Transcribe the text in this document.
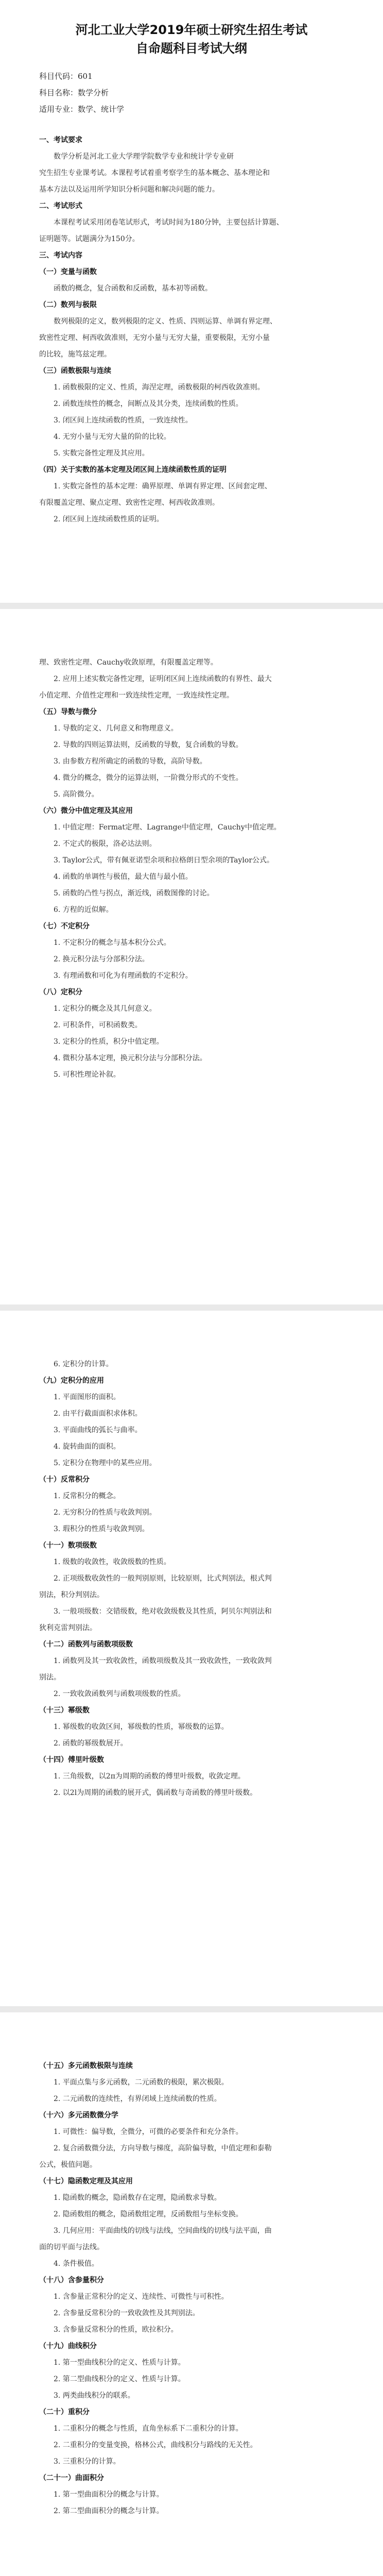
河北工业大学2019年硕士研究生招生考试
自命题科目考试大纲
科目代码：601
科目名称：数学分析
适用专业：数学、统计学
一、考试要求
数学分析是河北工业大学理学院数学专业和统计学专业研
究生招生专业课考试。本课程考试着重考察学生的基本概念、基本理论和
基本方法以及运用所学知识分析问题和解决问题的能力。
二、考试形式
本课程考试采用闭卷笔试形式，考试时间为180分钟，主要包括计算题、
证明题等。试题满分为150分。
三、考试内容
（一）变量与函数
函数的概念，复合函数和反函数，基本初等函数。
（二）数列与极限
数列极限的定义，数列极限的定义、性质、四则运算、单调有界定理、
致密性定理、柯西收敛准则，无穷小量与无穷大量，重要极限，无穷小量
的比较，施笃兹定理。
（三）函数极限与连续
1. 函数极限的定义、性质，海涅定理，函数极限的柯西收敛准则。
2. 函数连续性的概念，间断点及其分类，连续函数的性质。
3. 闭区间上连续函数的性质，一致连续性。
4. 无穷小量与无穷大量的阶的比较。
5. 实数完备性定理及其应用。
（四）关于实数的基本定理及闭区间上连续函数性质的证明
1. 实数完备性的基本定理：确界原理、单调有界定理、区间套定理、
有限覆盖定理、聚点定理、致密性定理、柯西收敛准则。
2. 闭区间上连续函数性质的证明。
理、致密性定理、Cauchy收敛原理，有限覆盖定理等。
2. 应用上述实数完备性定理，证明闭区间上连续函数的有界性、最大
小值定理、介值性定理和一致连续性定理，一致连续性定理。
（五）导数与微分
1. 导数的定义、几何意义和物理意义。
2. 导数的四则运算法则，反函数的导数，复合函数的导数。
3. 由参数方程所确定的函数的导数，高阶导数。
4. 微分的概念，微分的运算法则，一阶微分形式的不变性。
5. 高阶微分。
（六）微分中值定理及其应用
1. 中值定理：Fermat定理、Lagrange中值定理，Cauchy中值定理。
2. 不定式的极限，洛必达法则。
3. Taylor公式，带有佩亚诺型余项和拉格朗日型余项的Taylor公式。
4. 函数的单调性与极值，最大值与最小值。
5. 函数的凸性与拐点，渐近线，函数图像的讨论。
6. 方程的近似解。
（七）不定积分
1. 不定积分的概念与基本积分公式。
2. 换元积分法与分部积分法。
3. 有理函数和可化为有理函数的不定积分。
（八）定积分
1. 定积分的概念及其几何意义。
2. 可积条件，可积函数类。
3. 定积分的性质，积分中值定理。
4. 微积分基本定理，换元积分法与分部积分法。
5. 可积性理论补叙。
6. 定积分的计算。
（九）定积分的应用
1. 平面图形的面积。
2. 由平行截面面积求体积。
3. 平面曲线的弧长与曲率。
4. 旋转曲面的面积。
5. 定积分在物理中的某些应用。
（十）反常积分
1. 反常积分的概念。
2. 无穷积分的性质与收敛判别。
3. 瑕积分的性质与收敛判别。
（十一）数项级数
1. 级数的收敛性，收敛级数的性质。
2. 正项级数收敛性的一般判别原则，比较原则，比式判别法，根式判
别法，积分判别法。
3. 一般项级数：交错级数，绝对收敛级数及其性质，阿贝尔判别法和
狄利克雷判别法。
（十二）函数列与函数项级数
1. 函数列及其一致收敛性，函数项级数及其一致收敛性，一致收敛判
别法。
2. 一致收敛函数列与函数项级数的性质。
（十三）幂级数
1. 幂级数的收敛区间，幂级数的性质，幂级数的运算。
2. 函数的幂级数展开。
（十四）傅里叶级数
1. 三角级数，以2π为周期的函数的傅里叶级数，收敛定理。
2. 以2l为周期的函数的展开式，偶函数与奇函数的傅里叶级数。
（十五）多元函数极限与连续
1. 平面点集与多元函数，二元函数的极限，累次极限。
2. 二元函数的连续性，有界闭域上连续函数的性质。
（十六）多元函数微分学
1. 可微性：偏导数，全微分，可微的必要条件和充分条件。
2. 复合函数微分法，方向导数与梯度，高阶偏导数，中值定理和泰勒
公式，极值问题。
（十七）隐函数定理及其应用
1. 隐函数的概念，隐函数存在定理，隐函数求导数。
2. 隐函数组的概念，隐函数组定理，反函数组与坐标变换。
3. 几何应用：平面曲线的切线与法线，空间曲线的切线与法平面，曲
面的切平面与法线。
4. 条件极值。
（十八）含参量积分
1. 含参量正常积分的定义、连续性、可微性与可积性。
2. 含参量反常积分的一致收敛性及其判别法。
3. 含参量反常积分的性质，欧拉积分。
（十九）曲线积分
1. 第一型曲线积分的定义、性质与计算。
2. 第二型曲线积分的定义、性质与计算。
3. 两类曲线积分的联系。
（二十）重积分
1. 二重积分的概念与性质，直角坐标系下二重积分的计算。
2. 二重积分的变量变换，格林公式，曲线积分与路线的无关性。
3. 三重积分的计算。
（二十一）曲面积分
1. 第一型曲面积分的概念与计算。
2. 第二型曲面积分的概念与计算。
